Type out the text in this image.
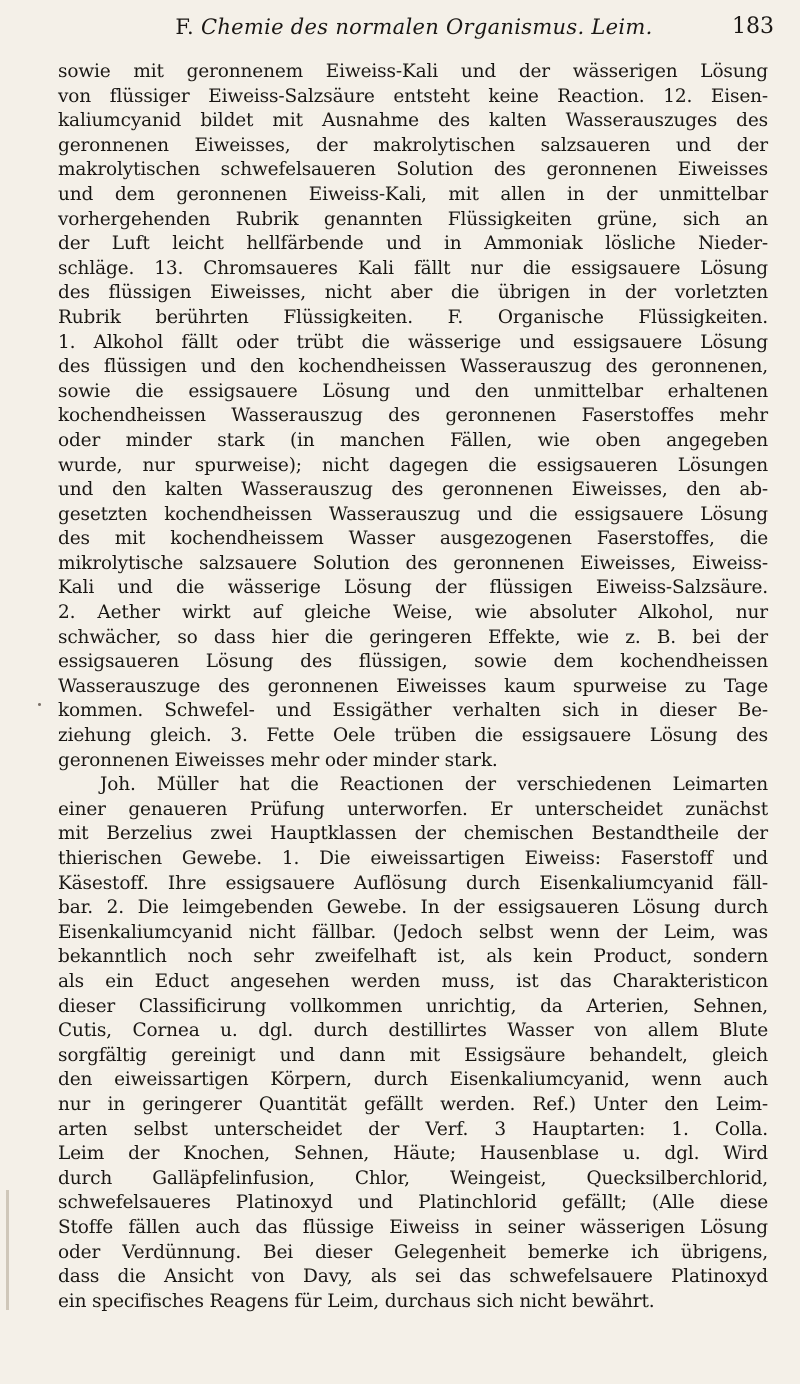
F. Chemie des normalen Organismus. Leim.	183
sowie mit geronnenem Eiweiss-Kali und der wässerigen Lösung
von flüssiger Eiweiss-Salzsäure entsteht keine Reaction. 12. Eisen-
kaliumcyanid bildet mit Ausnahme des kalten Wasserauszuges des
geronnenen Eiweisses, der makrolytischen salzsaueren und der
makrolytischen schwefelsaueren Solution des geronnenen Eiweisses
und dem geronnenen Eiweiss-Kali, mit allen in der unmittelbar
vorhergehenden Rubrik genannten Flüssigkeiten grüne, sich an
der Luft leicht hellfärbende und in Ammoniak lösliche Nieder-
schläge. 13. Chromsaueres Kali fällt nur die essigsauere Lösung
des flüssigen Eiweisses, nicht aber die übrigen in der vorletzten
Rubrik berührten Flüssigkeiten. F. Organische Flüssigkeiten.
1. Alkohol fällt oder trübt die wässerige und essigsauere Lösung
des flüssigen und den kochendheissen Wasserauszug des geronnenen,
sowie die essigsauere Lösung und den unmittelbar erhaltenen
kochendheissen Wasserauszug des geronnenen Faserstoffes mehr
oder minder stark (in manchen Fällen, wie oben angegeben
wurde, nur spurweise); nicht dagegen die essigsaueren Lösungen
und den kalten Wasserauszug des geronnenen Eiweisses, den ab-
gesetzten kochendheissen Wasserauszug und die essigsauere Lösung
des mit kochendheissem Wasser ausgezogenen Faserstoffes, die
mikrolytische salzsauere Solution des geronnenen Eiweisses, Eiweiss-
Kali und die wässerige Lösung der flüssigen Eiweiss-Salzsäure.
2. Aether wirkt auf gleiche Weise, wie absoluter Alkohol, nur
schwächer, so dass hier die geringeren Effekte, wie z. B. bei der
essigsaueren Lösung des flüssigen, sowie dem kochendheissen
Wasserauszuge des geronnenen Eiweisses kaum spurweise zu Tage
kommen. Schwefel- und Essigäther verhalten sich in dieser Be-
ziehung gleich. 3. Fette Oele trüben die essigsauere Lösung des
geronnenen Eiweisses mehr oder minder stark.
Joh. Müller hat die Reactionen der verschiedenen Leimarten
einer genaueren Prüfung unterworfen. Er unterscheidet zunächst
mit Berzelius zwei Hauptklassen der chemischen Bestandtheile der
thierischen Gewebe. 1. Die eiweissartigen Eiweiss: Faserstoff und
Käsestoff. Ihre essigsauere Auflösung durch Eisenkaliumcyanid fäll-
bar. 2. Die leimgebenden Gewebe. In der essigsaueren Lösung durch
Eisenkaliumcyanid nicht fällbar. (Jedoch selbst wenn der Leim, was
bekanntlich noch sehr zweifelhaft ist, als kein Product, sondern
als ein Educt angesehen werden muss, ist das Charakteristicon
dieser Classificirung vollkommen unrichtig, da Arterien, Sehnen,
Cutis, Cornea u. dgl. durch destillirtes Wasser von allem Blute
sorgfältig gereinigt und dann mit Essigsäure behandelt, gleich
den eiweissartigen Körpern, durch Eisenkaliumcyanid, wenn auch
nur in geringerer Quantität gefällt werden. Ref.) Unter den Leim-
arten selbst unterscheidet der Verf. 3 Hauptarten: 1. Colla.
Leim der Knochen, Sehnen, Häute; Hausenblase u. dgl. Wird
durch Galläpfelinfusion, Chlor, Weingeist, Quecksilberchlorid,
schwefelsaueres Platinoxyd und Platinchlorid gefällt; (Alle diese
Stoffe fällen auch das flüssige Eiweiss in seiner wässerigen Lösung
oder Verdünnung. Bei dieser Gelegenheit bemerke ich übrigens,
dass die Ansicht von Davy, als sei das schwefelsauere Platinoxyd
ein specifisches Reagens für Leim, durchaus sich nicht bewährt.
